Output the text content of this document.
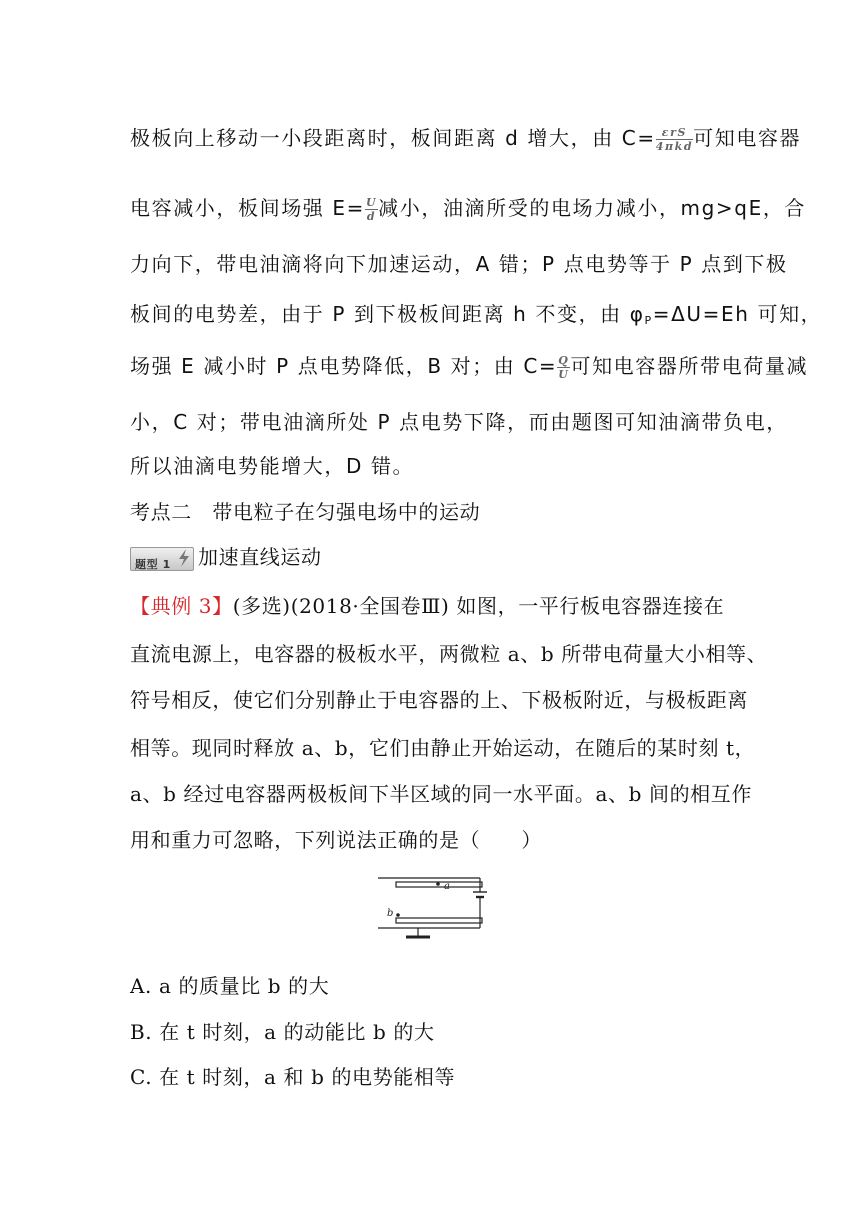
极板向上移动一小段距离时，板间距离 d 增大，由 $C= \frac{\text{εrS}}{\text{4πkd}}$ 可知电容器
电容减小，板间场强 $E= \frac{U}{d}$ 减小，油滴所受的电场力减小，mg>qE，合
力向下，带电油滴将向下加速运动，A 错；P 点电势等于 P 点到下极
板间的电势差，由于 P 到下极板间距离 h 不变，由 $\varphi_P=\Delta U=Eh$ 可知，
场强 E 减小时 P 点电势降低，B 对；由 $C= \frac{Q}{U}$ 可知电容器所带电荷量减
小，C 对；带电油滴所处 P 点电势下降，而由题图可知油滴带负电，
所以油滴电势能增大，D 错。
考点二　带电粒子在匀强电场中的运动
题型 1 加速直线运动
【典例 3】(多选)(2018·全国卷Ⅲ) 如图，一平行板电容器连接在
直流电源上，电容器的极板水平，两微粒 a、b 所带电荷量大小相等、
符号相反，使它们分别静止于电容器的上、下极板附近，与极板距离
相等。现同时释放 a、b，它们由静止开始运动，在随后的某时刻 t，
a、b 经过电容器两极板间下半区域的同一水平面。a、b 间的相互作
用和重力可忽略，下列说法正确的是（　　）
a
b
A. a 的质量比 b 的大
B. 在 t 时刻，a 的动能比 b 的大
C. 在 t 时刻，a 和 b 的电势能相等
